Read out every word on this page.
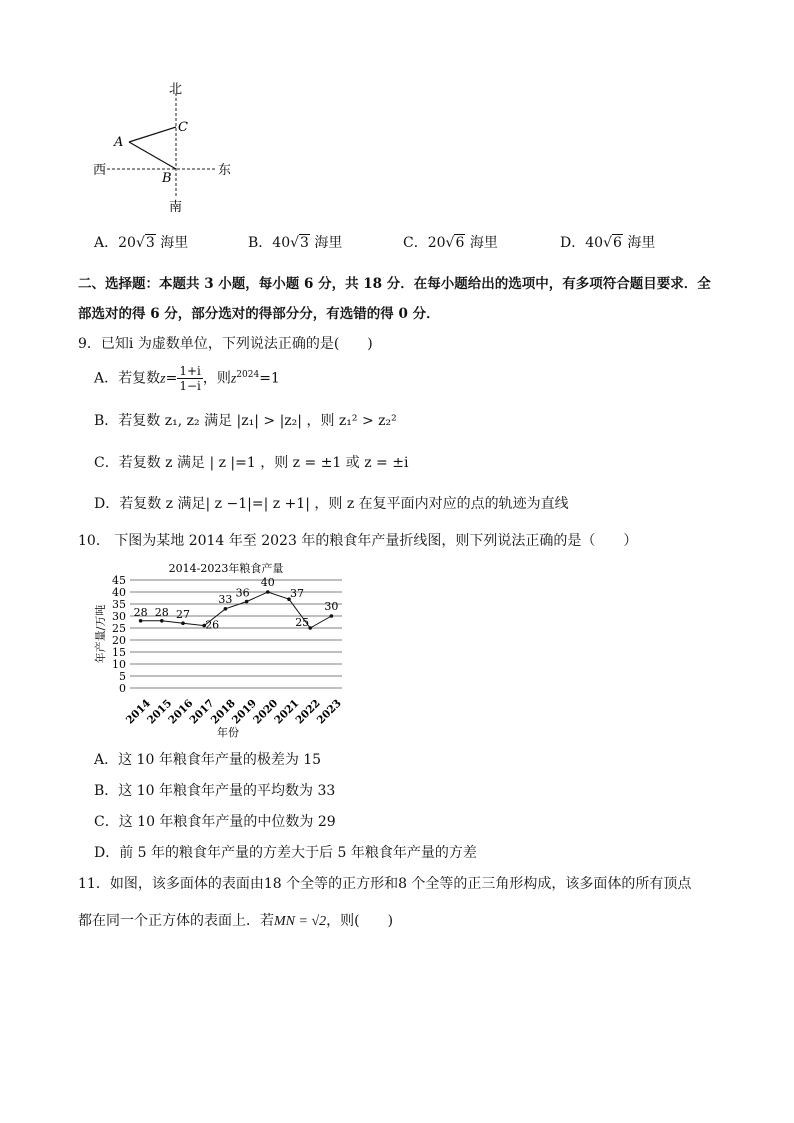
北
南
西	东
A
B
C
A．20√3 海里	B．40√3 海里	C．20√6 海里	D．40√6 海里
二、选择题：本题共 3 小题，每小题 6 分，共 18 分．在每小题给出的选项中，有多项符合题目要求．全
部选对的得 6 分，部分选对的得部分分，有选错的得 0 分．
9．已知i 为虚数单位，下列说法正确的是(　　)
A．若复数$z= \frac{1+i}{1-i}$ ，则$z^{2024}=1$
B．若复数 z₁, z₂ 满足 |z₁| > |z₂| ，则 z₁² > z₂²
C．若复数 z 满足 | z |=1 ，则 z = ±1 或 z = ±i
D．若复数 z 满足| z −1|=| z +1| ，则 z 在复平面内对应的点的轨迹为直线
10． 下图为某地 2014 年至 2023 年的粮食年产量折线图，则下列说法正确的是（　　）
2014-2023年粮食产量
0
5
10
15
20
25
30
35
40
45
年产量/万吨
2014
2015
2016
2017
2018
2019
2020
2021
2022
2023
年份
28 28 27
26
33 36
40
37
25
30
A．这 10 年粮食年产量的极差为 15
B．这 10 年粮食年产量的平均数为 33
C．这 10 年粮食年产量的中位数为 29
D．前 5 年的粮食年产量的方差大于后 5 年粮食年产量的方差
11．如图，该多面体的表面由18 个全等的正方形和8 个全等的正三角形构成，该多面体的所有顶点
都在同一个正方体的表面上．若MN = √2，则(　　)
